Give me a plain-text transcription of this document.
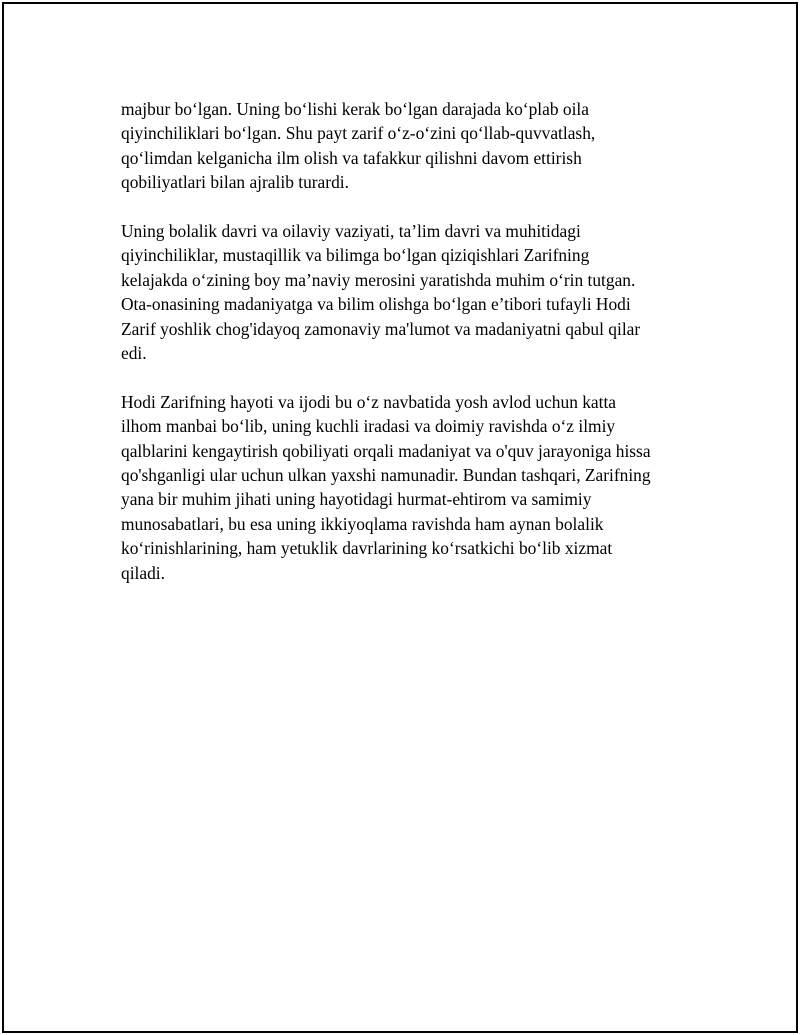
majbur bo‘lgan. Uning bo‘lishi kerak bo‘lgan darajada ko‘plab oila
qiyinchiliklari bo‘lgan. Shu payt zarif o‘z-o‘zini qo‘llab-quvvatlash,
qo‘limdan kelganicha ilm olish va tafakkur qilishni davom ettirish
qobiliyatlari bilan ajralib turardi.

Uning bolalik davri va oilaviy vaziyati, ta’lim davri va muhitidagi
qiyinchiliklar, mustaqillik va bilimga bo‘lgan qiziqishlari Zarifning
kelajakda o‘zining boy ma’naviy merosini yaratishda muhim o‘rin tutgan.
Ota-onasining madaniyatga va bilim olishga bo‘lgan e’tibori tufayli Hodi
Zarif yoshlik chog'idayoq zamonaviy ma'lumot va madaniyatni qabul qilar
edi.

Hodi Zarifning hayoti va ijodi bu o‘z navbatida yosh avlod uchun katta
ilhom manbai bo‘lib, uning kuchli iradasi va doimiy ravishda o‘z ilmiy
qalblarini kengaytirish qobiliyati orqali madaniyat va o'quv jarayoniga hissa
qo'shganligi ular uchun ulkan yaxshi namunadir. Bundan tashqari, Zarifning
yana bir muhim jihati uning hayotidagi hurmat-ehtirom va samimiy
munosabatlari, bu esa uning ikkiyoqlama ravishda ham aynan bolalik
ko‘rinishlarining, ham yetuklik davrlarining ko‘rsatkichi bo‘lib xizmat
qiladi.
